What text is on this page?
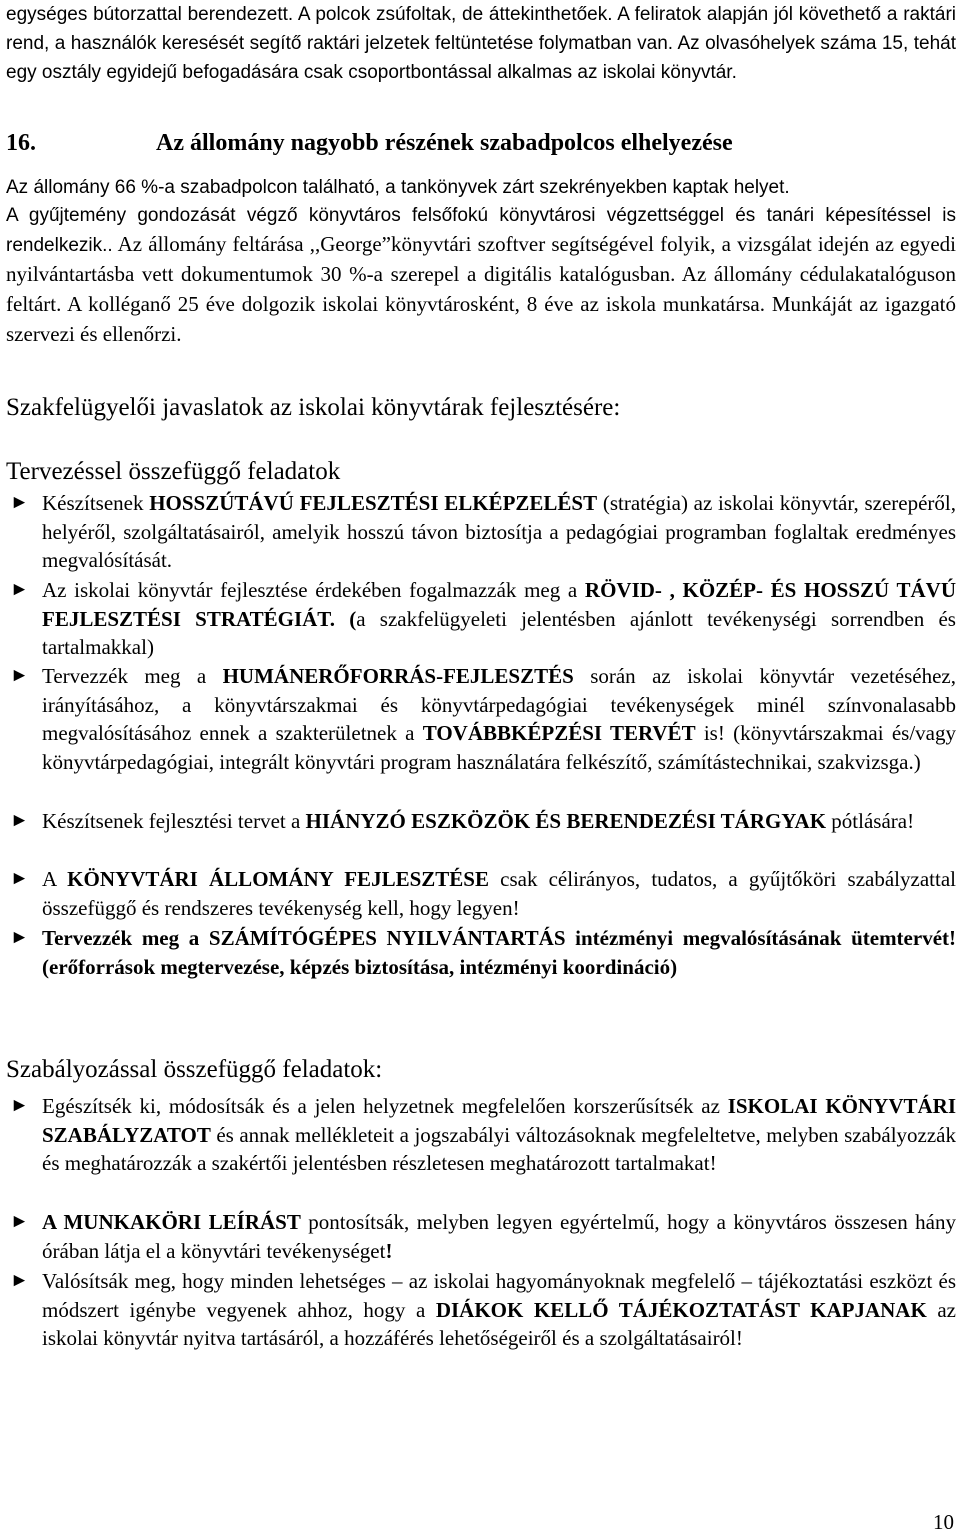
egységes bútorzattal berendezett. A polcok zsúfoltak, de áttekinthetőek. A feliratok alapján jól követhető a raktári rend, a használók keresését segítő raktári jelzetek feltüntetése folymatban van. Az olvasóhelyek száma 15, tehát egy osztály egyidejű befogadására csak csoportbontással alkalmas az iskolai könyvtár.

16.	Az állomány nagyobb részének szabadpolcos elhelyezése

Az állomány 66 %-a szabadpolcon található, a tankönyvek zárt szekrényekben kaptak helyet.

A gyűjtemény gondozását végző könyvtáros felsőfokú könyvtárosi végzettséggel és tanári képesítéssel is rendelkezik.. Az állomány feltárása ,,George”könyvtári szoftver segítségével folyik, a vizsgálat idején az egyedi nyilvántartásba vett dokumentumok 30 %-a szerepel a digitális katalógusban. Az állomány cédulakatalóguson feltárt. A kolléganő 25 éve dolgozik iskolai könyvtárosként, 8 éve az iskola munkatársa. Munkáját az igazgató szervezi és ellenőrzi.

Szakfelügyelői javaslatok az iskolai könyvtárak fejlesztésére:
Tervezéssel összefüggő feladatok
► Készítsenek HOSSZÚTÁVÚ FEJLESZTÉSI ELKÉPZELÉST (stratégia) az iskolai könyvtár, szerepéről, helyéről, szolgáltatásairól, amelyik hosszú távon biztosítja a pedagógiai programban foglaltak eredményes megvalósítását.
► Az iskolai könyvtár fejlesztése érdekében fogalmazzák meg a RÖVID- , KÖZÉP- ÉS HOSSZÚ TÁVÚ FEJLESZTÉSI STRATÉGIÁT. (a szakfelügyeleti jelentésben ajánlott tevékenységi sorrendben és tartalmakkal)
► Tervezzék meg a HUMÁNERŐFORRÁS-FEJLESZTÉS során az iskolai könyvtár vezetéséhez, irányításához, a könyvtárszakmai és könyvtárpedagógiai tevékenységek minél színvonalasabb megvalósításához ennek a szakterületnek a TOVÁBBKÉPZÉSI TERVÉT is! (könyvtárszakmai és/vagy könyvtárpedagógiai, integrált könyvtári program használatára felkészítő, számítástechnikai, szakvizsga.)
► Készítsenek fejlesztési tervet a HIÁNYZÓ ESZKÖZÖK ÉS BERENDEZÉSI TÁRGYAK pótlására!
► A KÖNYVTÁRI ÁLLOMÁNY FEJLESZTÉSE csak célirányos, tudatos, a gyűjtőköri szabályzattal összefüggő és rendszeres tevékenység kell, hogy legyen!
► Tervezzék meg a SZÁMÍTÓGÉPES NYILVÁNTARTÁS intézményi megvalósításának ütemtervét! (erőforrások megtervezése, képzés biztosítása, intézményi koordináció)
Szabályozással összefüggő feladatok:
► Egészítsék ki, módosítsák és a jelen helyzetnek megfelelően korszerűsítsék az ISKOLAI KÖNYVTÁRI SZABÁLYZATOT és annak mellékleteit a jogszabályi változásoknak megfeleltetve, melyben szabályozzák és meghatározzák a szakértői jelentésben részletesen meghatározott tartalmakat!
► A MUNKAKÖRI LEÍRÁST pontosítsák, melyben legyen egyértelmű, hogy a könyvtáros összesen hány órában látja el a könyvtári tevékenységet!
► Valósítsák meg, hogy minden lehetséges – az iskolai hagyományoknak megfelelő – tájékoztatási eszközt és módszert igénybe vegyenek ahhoz, hogy a DIÁKOK KELLŐ TÁJÉKOZTATÁST KAPJANAK az iskolai könyvtár nyitva tartásáról, a hozzáférés lehetőségeiről és a szolgáltatásairól!
10
